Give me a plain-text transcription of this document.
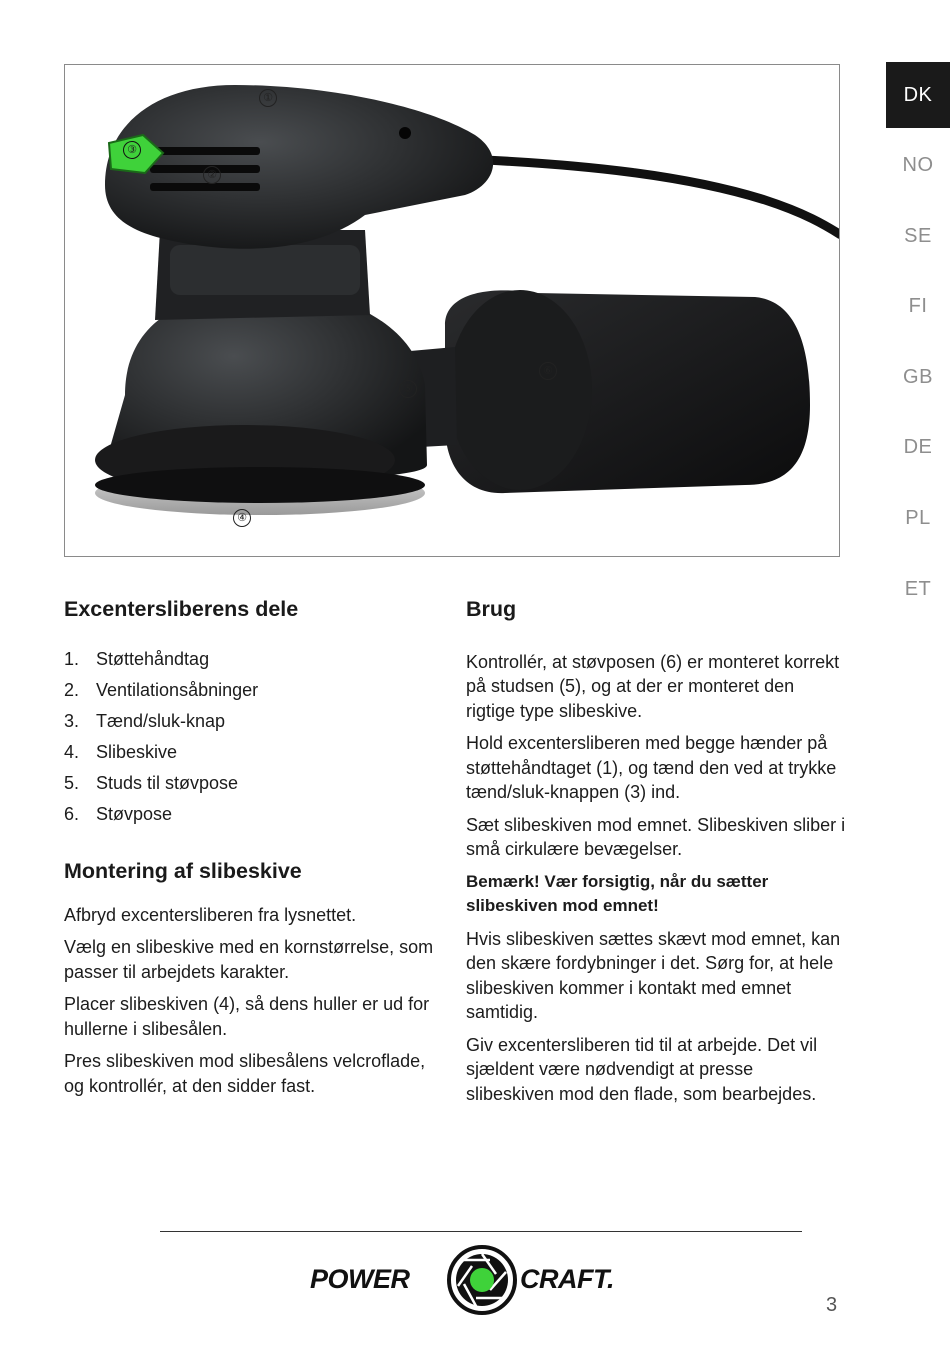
①
②
③
④
⑤
⑥
DK
NO
SE
FI
GB
DE
PL
ET
Excentersliberens dele
1. Støttehåndtag
2. Ventilationsåbninger
3. Tænd/sluk-knap
4. Slibeskive
5. Studs til støvpose
6. Støvpose
Montering af slibeskive

Afbryd excentersliberen fra lysnettet.

Vælg en slibeskive med en kornstørrelse, som passer til arbejdets karakter.

Placer slibeskiven (4), så dens huller er ud for hullerne i slibesålen.

Pres slibeskiven mod slibesålens velcroflade, og kontrollér, at den sidder fast.

Brug

Kontrollér, at støvposen (6) er monteret korrekt på studsen (5), og at der er monteret den rigtige type slibeskive.

Hold excentersliberen med begge hænder på støttehåndtaget (1), og tænd den ved at trykke tænd/sluk-knappen (3) ind.

Sæt slibeskiven mod emnet. Slibeskiven sliber i små cirkulære bevægelser.

Bemærk! Vær forsigtig, når du sætter slibeskiven mod emnet!

Hvis slibeskiven sættes skævt mod emnet, kan den skære fordybninger i det. Sørg for, at hele slibeskiven kommer i kontakt med emnet samtidig.

Giv excentersliberen tid til at arbejde. Det vil sjældent være nødvendigt at presse slibeskiven mod den flade, som bearbejdes.

POWER	CRAFT.
3
